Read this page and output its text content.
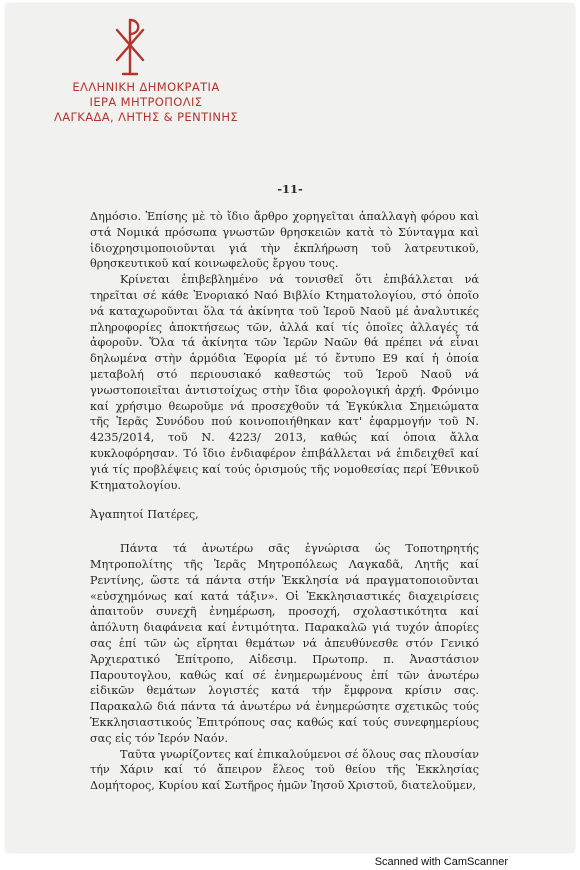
ΕΛΛΗΝΙΚΗ ΔΗΜΟΚΡΑΤΙΑ
ΙΕΡΑ ΜΗΤΡΟΠΟΛΙΣ
ΛΑΓΚΑΔΑ, ΛΗΤΗΣ & ΡΕΝΤΙΝΗΣ
-11-

Δημόσιο. Ἐπίσης μὲ τὸ ἴδιο ἄρθρο χορηγεῖται ἀπαλλαγὴ φόρου καὶ στά Νομικά πρόσωπα γνωστῶν θρησκειῶν κατὰ τὸ Σύνταγμα καὶ ἰδιοχρησιμοποιοῦνται γιά τὴν ἐκπλήρωση τοῦ λατρευτικοῦ, θρησκευτικοῦ καί κοινωφελοῦς ἔργου τους.

Κρίνεται ἐπιβεβλημένο νά τονισθεῖ ὅτι ἐπιβάλλεται νά τηρεῖται σέ κάθε Ἐνοριακό Ναό Βιβλίο Κτηματολογίου, στό ὁποῖο νά καταχωροῦνται ὅλα τά ἀκίνητα τοῦ Ἱεροῦ Ναοῦ μέ ἀναλυτικές πληροφορίες ἀποκτήσεως τῶν, ἀλλά καί τίς ὁποῖες ἀλλαγές τά ἀφοροῦν. Ὅλα τά ἀκίνητα τῶν Ἱερῶν Ναῶν θά πρέπει νά εἶναι δηλωμένα στὴν ἁρμόδια Ἐφορία μέ τό ἔντυπο Ε9 καί ἡ ὁποία μεταβολή στό περιουσιακό καθεστώς τοῦ Ἱεροῦ Ναοῦ νά γνωστοποιεῖται ἀντιστοίχως στὴν ἴδια φορολογική ἀρχή. Φρόνιμο καί χρήσιμο θεωροῦμε νά προσεχθοῦν τά Ἐγκύκλια Σημειώματα τῆς Ἱερᾶς Συνόδου πού κοινοποιήθηκαν κατ' ἐφαρμογήν τοῦ Ν. 4235/2014, τοῦ Ν. 4223/ 2013, καθώς καί ὁποια ἄλλα κυκλοφόρησαν. Τό ἴδιο ἐνδιαφέρον ἐπιβάλλεται νά ἐπιδειχθεῖ καί γιά τίς προβλέψεις καί τούς ὁρισμούς τῆς νομοθεσίας περί Ἐθνικοῦ Κτηματολογίου.

Ἀγαπητοί Πατέρες,

Πάντα τά ἀνωτέρω σᾶς ἐγνώρισα ὡς Τοποτηρητής Μητροπολίτης τῆς Ἱερᾶς Μητροπόλεως Λαγκαδᾶ, Λητῆς καί Ρεντίνης, ὥστε τά πάντα στήν Ἐκκλησία νά πραγματοποιοῦνται «εὐσχημόνως καί κατά τάξιν». Οἱ Ἐκκλησιαστικές διαχειρίσεις ἀπαιτοῦν συνεχῆ ἐνημέρωση, προσοχή, σχολαστικότητα καί ἀπόλυτη διαφάνεια καί ἐντιμότητα. Παρακαλῶ γιά τυχόν ἀπορίες σας ἐπί τῶν ὡς εἴρηται θεμάτων νά ἀπευθύνεσθε στόν Γενικό Ἀρχιερατικό Ἐπίτροπο, Αἰδεσιμ. Πρωτοπρ. π. Ἀναστάσιον Παρουτογλου, καθώς καί σέ ἐνημερωμένους ἐπί τῶν ἀνωτέρω εἰδικῶν θεμάτων λογιστές κατά τήν ἔμφρονα κρίσιν σας. Παρακαλῶ διά πάντα τά ἀνωτέρω νά ἐνημερώσητε σχετικῶς τούς Ἐκκλησιαστικούς Ἐπιτρόπους σας καθώς καί τούς συνεφημερίους σας εἰς τόν Ἱερόν Ναόν.

Ταῦτα γνωρίζοντες καί ἐπικαλούμενοι σέ ὅλους σας πλουσίαν τήν Χάριν καί τό ἄπειρον ἔλεος τοῦ θείου τῆς Ἐκκλησίας Δομήτορος, Κυρίου καί Σωτῆρος ἡμῶν Ἰησοῦ Χριστοῦ, διατελοῦμεν,

Scanned with CamScanner
